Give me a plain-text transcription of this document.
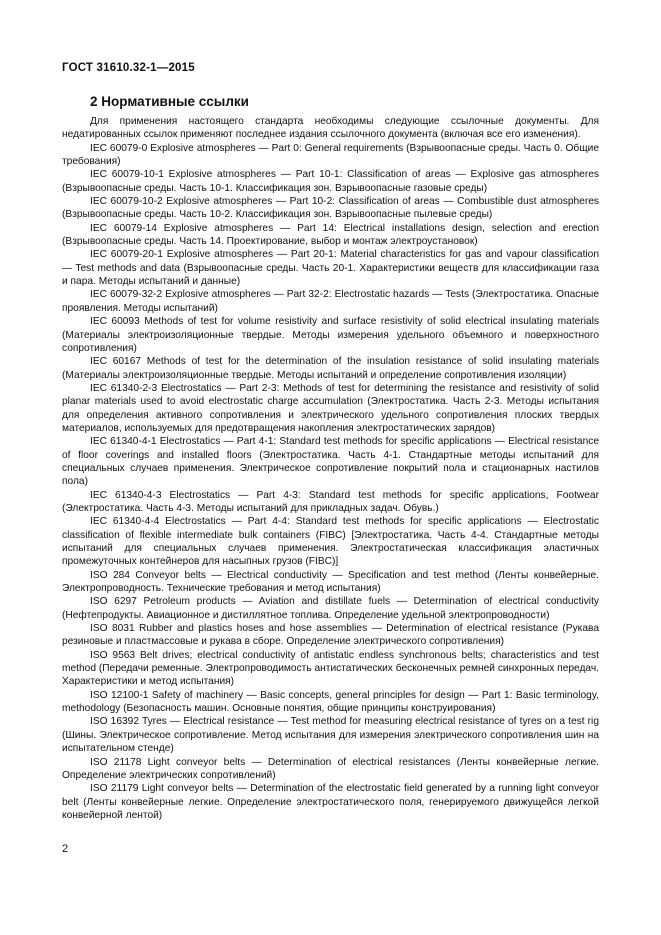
ГОСТ 31610.32-1—2015
2 Нормативные ссылки

Для применения настоящего стандарта необходимы следующие ссылочные документы. Для недатированных ссылок применяют последнее издания ссылочного документа (включая все его изменения).

IEC 60079-0 Explosive atmospheres — Part 0: General requirements (Взрывоопасные среды. Часть 0. Общие требования)

IEC 60079-10-1 Explosive atmospheres — Part 10-1: Classification of areas — Explosive gas atmospheres (Взрывоопасные среды. Часть 10-1. Классификация зон. Взрывоопасные газовые среды)

IEC 60079-10-2 Explosive atmospheres — Part 10-2: Classification of areas — Combustible dust atmospheres (Взрывоопасные среды. Часть 10-2. Классификация зон. Взрывоопасные пылевые среды)

IEC 60079-14 Explosive atmospheres — Part 14: Electrical installations design, selection and erection (Взрывоопасные среды. Часть 14. Проектирование, выбор и монтаж электроустановок)

IEC 60079-20-1 Explosive atmospheres — Part 20-1: Material characteristics for gas and vapour classification — Test methods and data (Взрывоопасные среды. Часть 20-1. Характеристики веществ для классификации газа и пара. Методы испытаний и данные)

IEC 60079-32-2 Explosive atmospheres — Part 32-2: Electrostatic hazards — Tests (Электростатика. Опасные проявления. Методы испытаний)

IEC 60093 Methods of test for volume resistivity and surface resistivity of solid electrical insulating materials (Материалы электроизоляционные твердые. Методы измерения удельного объемного и поверхностного сопротивления)

IEC 60167 Methods of test for the determination of the insulation resistance of solid insulating materials (Материалы электроизоляционные твердые. Методы испытаний и определение сопротивления изоляции)

IEC 61340-2-3 Electrostatics — Part 2-3: Methods of test for determining the resistance and resistivity of solid planar materials used to avoid electrostatic charge accumulation (Электростатика. Часть 2-3. Методы испытания для определения активного сопротивления и электрического удельного сопротивления плоских твердых материалов, используемых для предотвращения накопления электростатических зарядов)

IEC 61340-4-1 Electrostatics — Part 4-1: Standard test methods for specific applications — Electrical resistance of floor coverings and installed floors (Электростатика. Часть 4-1. Стандартные методы испытаний для специальных случаев применения. Электрическое сопротивление покрытий пола и стационарных настилов пола)

IEC 61340-4-3 Electrostatics — Part 4-3: Standard test methods for specific applications, Footwear (Электростатика. Часть 4-3. Методы испытаний для прикладных задач. Обувь.)

IEC 61340-4-4 Electrostatics — Part 4-4: Standard test methods for specific applications — Electrostatic classification of flexible intermediate bulk containers (FIBC) [Электростатика. Часть 4-4. Стандартные методы испытаний для специальных случаев применения. Электростатическая классификация эластичных промежуточных контейнеров для насыпных грузов (FIBC)]

ISO 284 Conveyor belts — Electrical conductivity — Specification and test method (Ленты конвейерные. Электропроводность. Технические требования и метод испытания)

ISO 6297 Petroleum products — Aviation and distillate fuels — Determination of electrical conductivity (Нефтепродукты. Авиационное и дистиллятное топлива. Определение удельной электропроводности)

ISO 8031 Rubber and plastics hoses and hose assemblies — Determination of electrical resistance (Рукава резиновые и пластмассовые и рукава в сборе. Определение электрического сопротивления)

ISO 9563 Belt drives; electrical conductivity of antistatic endless synchronous belts; characteristics and test method (Передачи ременные. Электропроводимость антистатических бесконечных ремней синхронных передач. Характеристики и метод испытания)

ISO 12100-1 Safety of machinery — Basic concepts, general principles for design — Part 1: Basic terminology, methodology (Безопасность машин. Основные понятия, общие принципы конструирования)

ISO 16392 Tyres — Electrical resistance — Test method for measuring electrical resistance of tyres on a test rig (Шины. Электрическое сопротивление. Метод испытания для измерения электрического сопротивления шин на испытательном стенде)

ISO 21178 Light conveyor belts — Determination of electrical resistances (Ленты конвейерные легкие. Определение электрических сопротивлений)

ISO 21179 Light conveyor belts — Determination of the electrostatic field generated by a running light conveyor belt (Ленты конвейерные легкие. Определение электростатического поля, генерируемого движущейся легкой конвейерной лентой)

2
